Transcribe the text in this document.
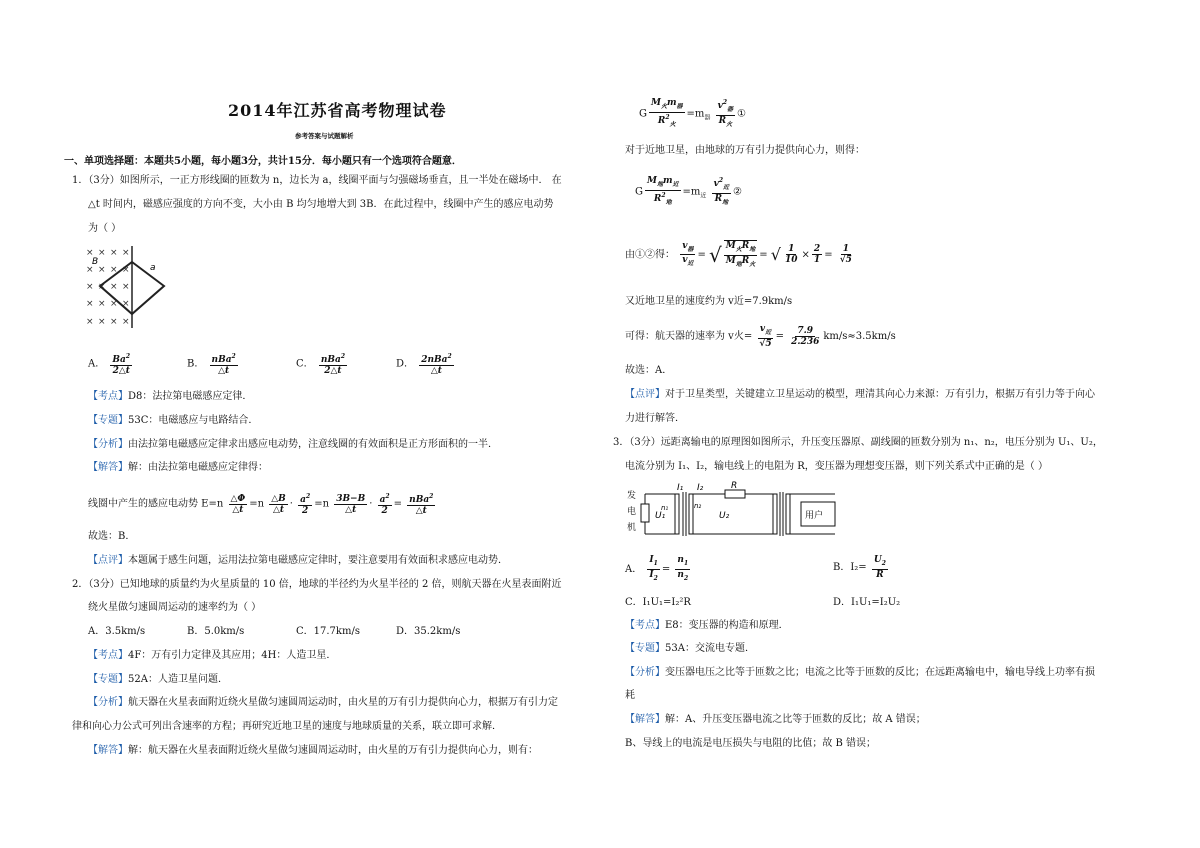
2014年江苏省高考物理试卷
参考答案与试题解析
一、单项选择题：本题共5小题，每小题3分，共计15分．每小题只有一个选项符合题意．
1．（3分）如图所示，一正方形线圈的匝数为 n，边长为 a，线圈平面与匀强磁场垂直，且一半处在磁场中． 在
△t 时间内，磁感应强度的方向不变，大小由 B 均匀地增大到 3B．在此过程中，线圈中产生的感应电动势
为（ ）
× × × ×
× × ×
× × × ×
× × × ×
× × × ×
×
B
a
A． $\frac{Ba^2}{2\triangle t}$	B． $\frac{nBa^2}{\triangle t}$	C． $\frac{nBa^2}{2\triangle t}$	D． $\frac{2nBa^2}{\triangle t}$
【考点】D8：法拉第电磁感应定律．
【专题】53C：电磁感应与电路结合．
【分析】由法拉第电磁感应定律求出感应电动势，注意线圈的有效面积是正方形面积的一半．
【解答】解：由法拉第电磁感应定律得：
线圈中产生的感应电动势 $E=n \frac{\triangle\Phi}{\triangle t} =n \frac{\triangle B}{\triangle t} \cdot \frac{a^2}{2} =n \frac{3B-B}{\triangle t} \cdot \frac{a^2}{2} = \frac{nBa^2}{\triangle t}$
故选：B．
【点评】本题属于感生问题，运用法拉第电磁感应定律时，要注意要用有效面积求感应电动势．
2．（3分）已知地球的质量约为火星质量的 10 倍，地球的半径约为火星半径的 2 倍，则航天器在火星表面附近
绕火星做匀速圆周运动的速率约为（ ）
A．3.5km/s	B．5.0km/s	C．17.7km/s	D．35.2km/s
【考点】4F：万有引力定律及其应用；4H：人造卫星．
【专题】52A：人造卫星问题．
【分析】航天器在火星表面附近绕火星做匀速圆周运动时，由火星的万有引力提供向心力，根据万有引力定
律和向心力公式可列出含速率的方程；再研究近地卫星的速度与地球质量的关系，联立即可求解．
【解答】解：航天器在火星表面附近绕火星做匀速圆周运动时，由火星的万有引力提供向心力，则有：
G $\frac{M_火m_器}{R^2_火} =m_器 \frac{v^2_器}{R_火}$ ①
对于近地卫星，由地球的万有引力提供向心力，则得：
G $\frac{M_地m_近}{R^2_地} =m_近 \frac{v^2_近}{R_地}$ ②
由①②得： $\frac{v_器}{v_近}$ = √ $\frac{M_火R_地}{M_地R_火}$ = √ $\frac{1}{10} \times \frac{2}{1} = \frac{1}{√5}$
又近地卫星的速度约为 v近=7.9km/s
可得：航天器的速率为 v火= $\frac{v_近}{√5} = \frac{7.9}{2.236} km/s\approx 3.5km/s$
故选：A．
【点评】对于卫星类型，关键建立卫星运动的模型，理清其向心力来源：万有引力，根据万有引力等于向心
力进行解答．
3．（3分）远距离输电的原理图如图所示，升压变压器原、副线圈的匝数分别为 n₁、n₂，电压分别为 U₁、U₂，
电流分别为 I₁、I₂，输电线上的电阻为 R，变压器为理想变压器，则下列关系式中正确的是（ ）
发
电
机
U₁
I₁
n₁	n₂
I₂	R
U₂	用户
A． $\frac{I_1}{I_2} = \frac{n_1}{n_2}$	B．$I_2= \frac{U_2}{R}$
C．I₁U₁=I₂²R	D．I₁U₁=I₂U₂
【考点】E8：变压器的构造和原理．
【专题】53A：交流电专题．
【分析】变压器电压之比等于匝数之比；电流之比等于匝数的反比；在远距离输电中，输电导线上功率有损
耗
【解答】解：A、升压变压器电流之比等于匝数的反比；故 A 错误；
B、导线上的电流是电压损失与电阻的比值；故 B 错误；
